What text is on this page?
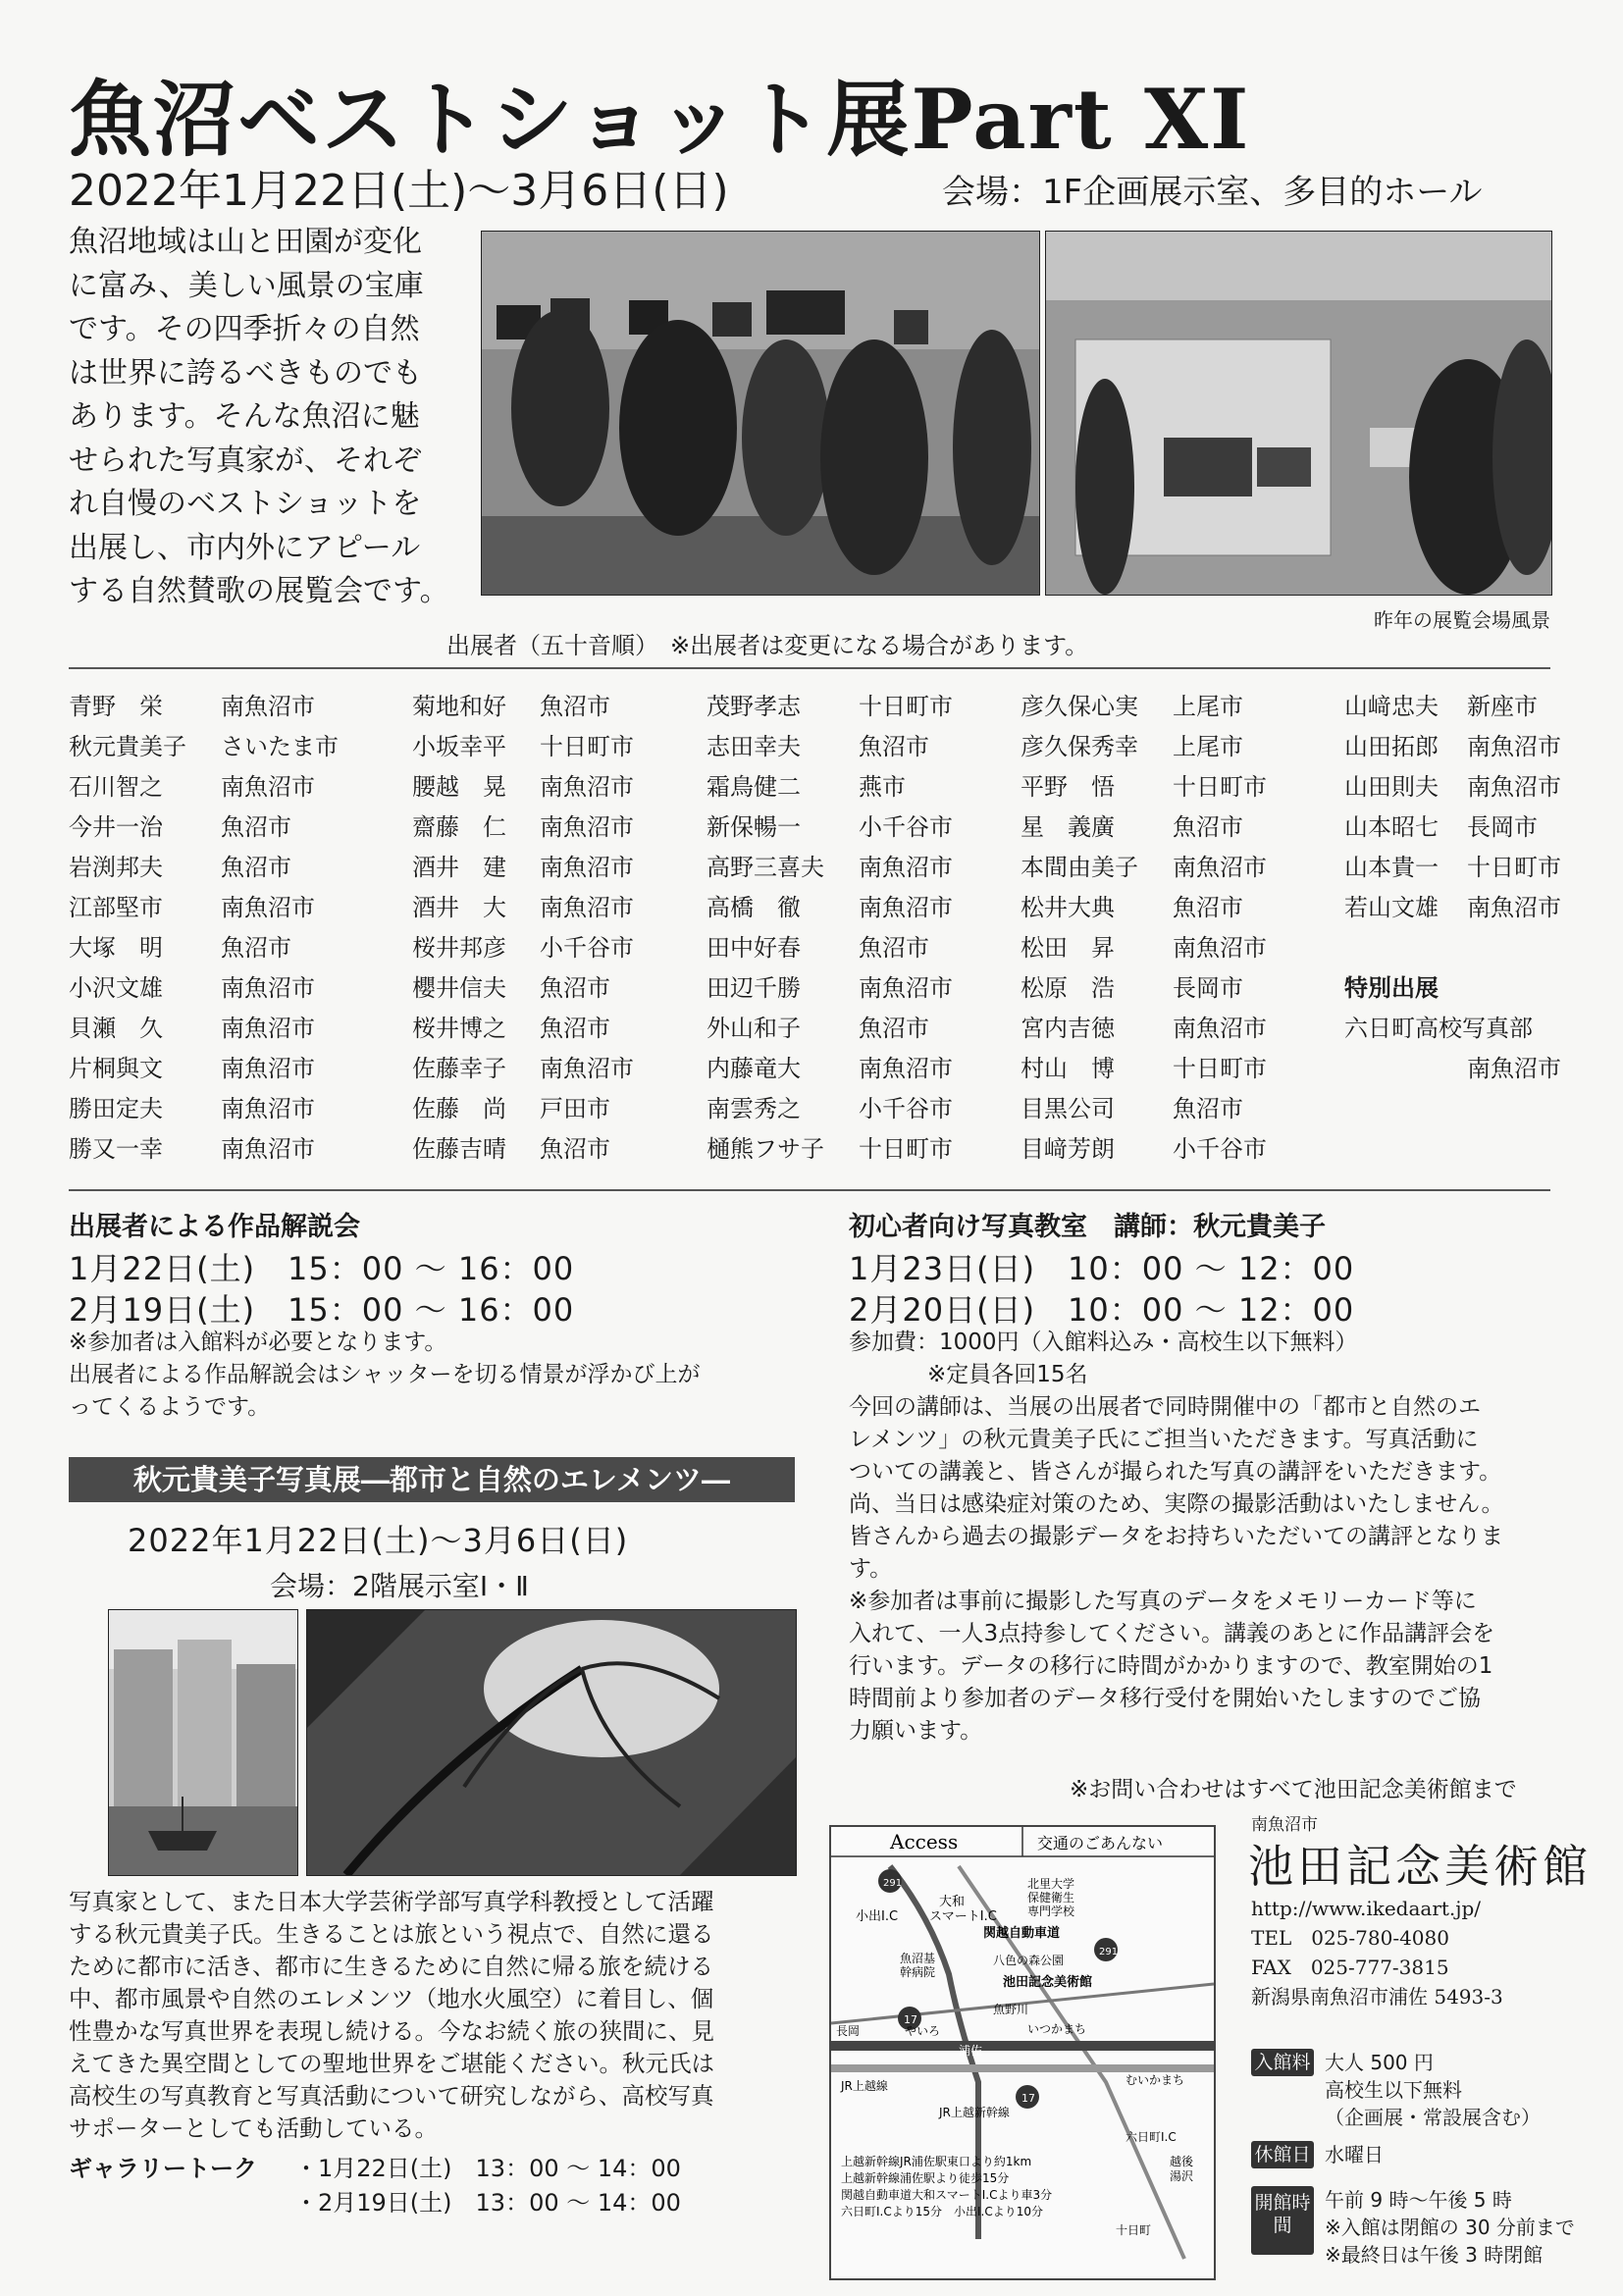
魚沼ベストショット展Part XI
2022年1月22日(土)～3月6日(日)	会場：1F企画展示室、多目的ホール
魚沼地域は山と田園が変化
に富み、美しい風景の宝庫
です。その四季折々の自然
は世界に誇るべきものでも
あります。そんな魚沼に魅
せられた写真家が、それぞ
れ自慢のベストショットを
出展し、市内外にアピール
する自然賛歌の展覧会です。
昨年の展覧会場風景
出展者（五十音順）　※出展者は変更になる場合があります。
青野　栄 南魚沼市
秋元貴美子 さいたま市
石川智之 南魚沼市
今井一治 魚沼市
岩渕邦夫 魚沼市
江部堅市 南魚沼市
大塚　明 魚沼市
小沢文雄 南魚沼市
貝瀬　久 南魚沼市
片桐與文 南魚沼市
勝田定夫 南魚沼市
勝又一幸 南魚沼市
菊地和好 魚沼市
小坂幸平 十日町市
腰越　晃 南魚沼市
齋藤　仁 南魚沼市
酒井　建 南魚沼市
酒井　大 南魚沼市
桜井邦彦 小千谷市
櫻井信夫 魚沼市
桜井博之 魚沼市
佐藤幸子 南魚沼市
佐藤　尚 戸田市
佐藤吉晴 魚沼市
茂野孝志 十日町市
志田幸夫 魚沼市
霜鳥健二 燕市
新保暢一 小千谷市
高野三喜夫 南魚沼市
高橋　徹 南魚沼市
田中好春 魚沼市
田辺千勝 南魚沼市
外山和子 魚沼市
内藤竜大 南魚沼市
南雲秀之 小千谷市
樋熊フサ子 十日町市
彦久保心実 上尾市
彦久保秀幸 上尾市
平野　悟 十日町市
星　義廣 魚沼市
本間由美子 南魚沼市
松井大典 魚沼市
松田　昇 南魚沼市
松原　浩 長岡市
宮内吉徳 南魚沼市
村山　博 十日町市
目黒公司 魚沼市
目﨑芳朗 小千谷市
山﨑忠夫 新座市
山田拓郎 南魚沼市
山田則夫 南魚沼市
山本昭七 長岡市
山本貴一 十日町市
若山文雄 南魚沼市
特別出展
六日町高校写真部
南魚沼市
出展者による作品解説会
1月22日(土)　15：00 ～ 16：00
2月19日(土)　15：00 ～ 16：00
※参加者は入館料が必要となります。
出展者による作品解説会はシャッターを切る情景が浮かび上が
ってくるようです。
秋元貴美子写真展―都市と自然のエレメンツ―
2022年1月22日(土)～3月6日(日)
会場：2階展示室Ⅰ・Ⅱ
写真家として、また日本大学芸術学部写真学科教授として活躍
する秋元貴美子氏。生きることは旅という視点で、自然に還る
ために都市に活き、都市に生きるために自然に帰る旅を続ける
中、都市風景や自然のエレメンツ（地水火風空）に着目し、個
性豊かな写真世界を表現し続ける。今なお続く旅の狭間に、見
えてきた異空間としての聖地世界をご堪能ください。秋元氏は
高校生の写真教育と写真活動について研究しながら、高校写真
サポーターとしても活動している。
ギャラリートーク ・1月22日(土)　13：00 ～ 14：00
・2月19日(土)　13：00 ～ 14：00
初心者向け写真教室　講師：秋元貴美子
1月23日(日)　10：00 ～ 12：00
2月20日(日)　10：00 ～ 12：00
参加費：1000円（入館料込み・高校生以下無料）
※定員各回15名
今回の講師は、当展の出展者で同時開催中の「都市と自然のエ
レメンツ」の秋元貴美子氏にご担当いただきます。写真活動に
ついての講義と、皆さんが撮られた写真の講評をいただきます。
尚、当日は感染症対策のため、実際の撮影活動はいたしません。
皆さんから過去の撮影データをお持ちいただいての講評となりま
す。
※参加者は事前に撮影した写真のデータをメモリーカード等に
入れて、一人3点持参してください。講義のあとに作品講評会を
行います。データの移行に時間がかかりますので、教室開始の1
時間前より参加者のデータ移行受付を開始いたしますのでご協
力願います。
※お問い合わせはすべて池田記念美術館まで
Access	交通のごあんない
291
291
17
17
小出I.C
大和
スマートI.C
北里大学
保健衛生
専門学校
関越自動車道
魚沼基
幹病院
八色の森公園
池田記念美術館
魚野川
長岡	やいろ
浦佐
いつかまち
むいかまち
JR上越線
JR上越新幹線
六日町I.C
越後
湯沢
十日町
上越新幹線JR浦佐駅東口より約1km
上越新幹線浦佐駅より徒歩15分
関越自動車道大和スマートI.Cより車3分
六日町I.Cより15分　小出I.Cより10分
南魚沼市
池田記念美術館
http://www.ikedaart.jp/
TEL　025-780-4080
FAX　025-777-3815
新潟県南魚沼市浦佐 5493-3
入館料 大人 500 円
高校生以下無料
（企画展・常設展含む）
休館日 水曜日
開館時間
午前 9 時～午後 5 時
※入館は閉館の 30 分前まで
※最終日は午後 3 時閉館
